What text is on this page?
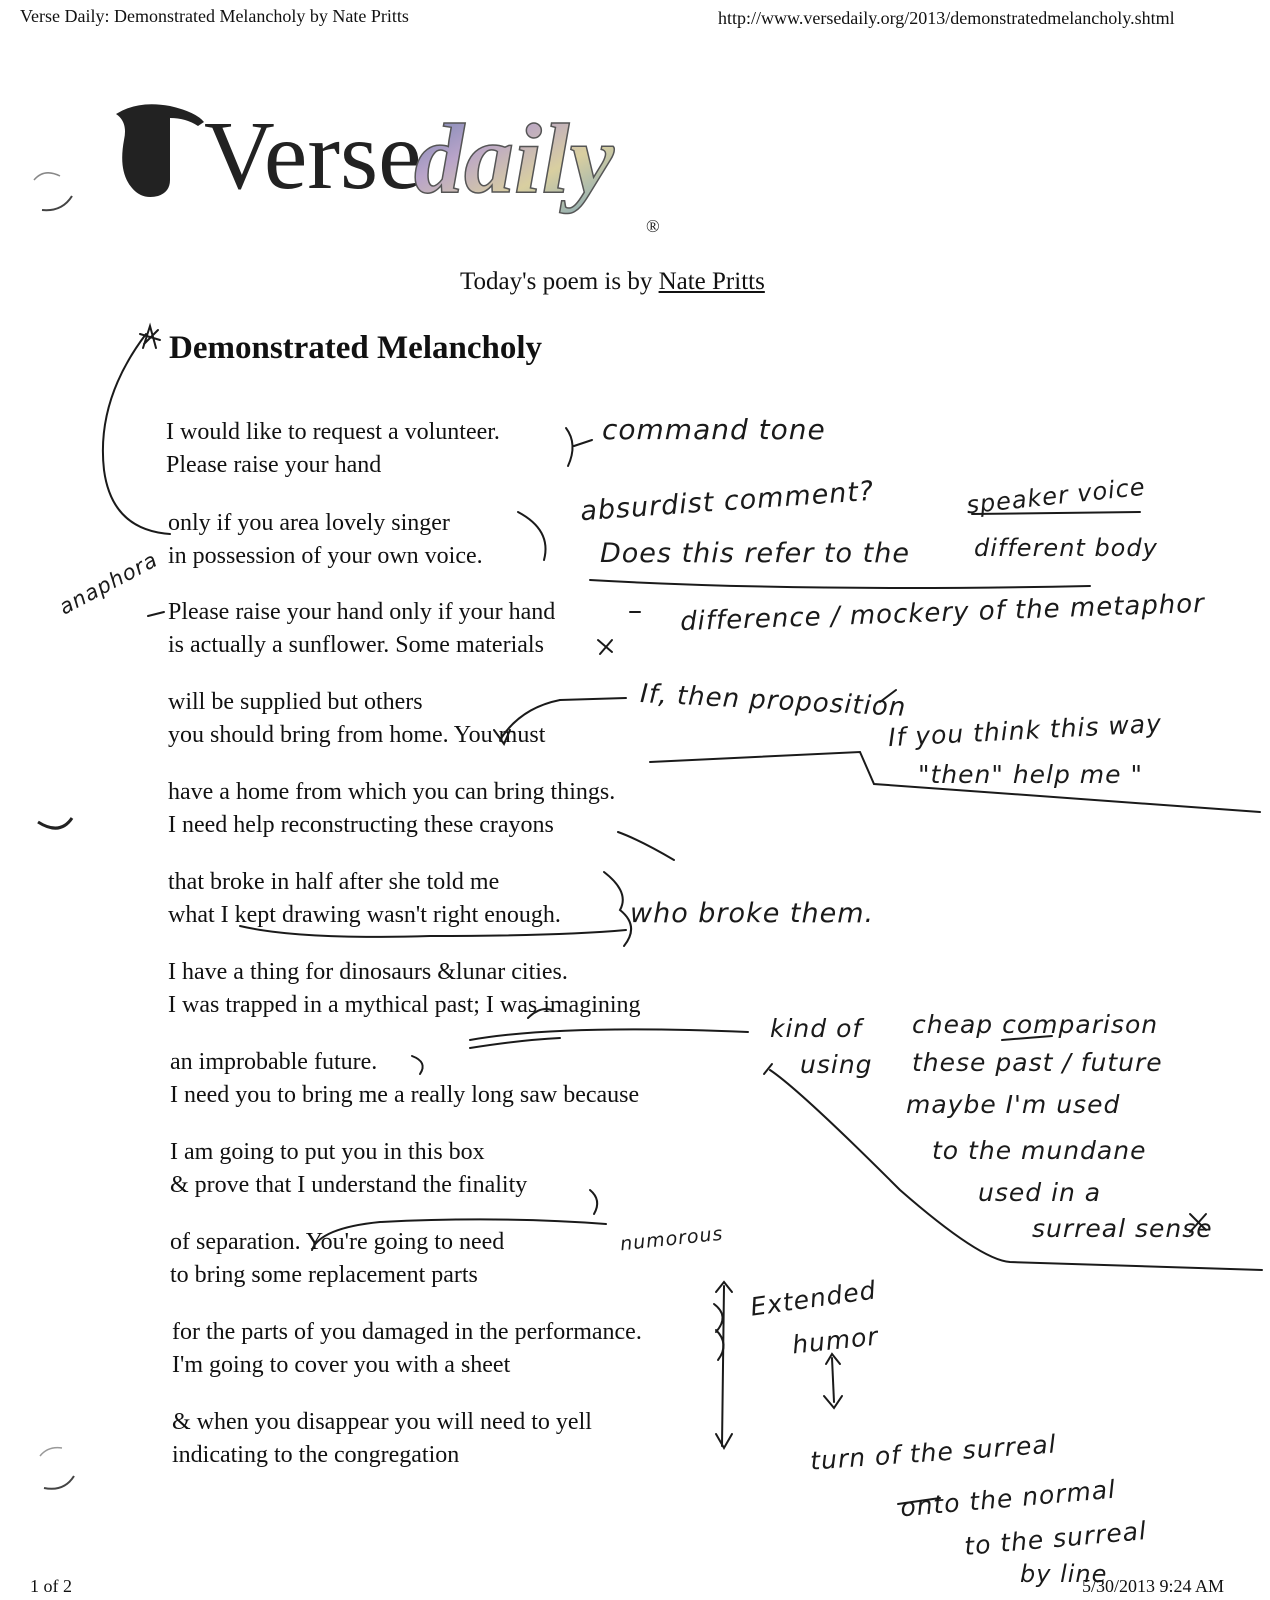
Verse Daily: Demonstrated Melancholy by Nate Pritts	http://www.versedaily.org/2013/demonstratedmelancholy.shtml
Verse
daily
®
Today's poem is by Nate Pritts
Demonstrated Melancholy
I would like to request a volunteer.
Please raise your hand
only if you area lovely singer
in possession of your own voice.
Please raise your hand only if your hand
is actually a sunflower. Some materials
will be supplied but others
you should bring from home. You must
have a home from which you can bring things.
I need help reconstructing these crayons
that broke in half after she told me
what I kept drawing wasn't right enough.
I have a thing for dinosaurs &lunar cities.
I was trapped in a mythical past; I was imagining
an improbable future.
I need you to bring me a really long saw because
I am going to put you in this box
& prove that I understand the finality
of separation. You're going to need
to bring some replacement parts
for the parts of you damaged in the performance.
I'm going to cover you with a sheet
& when you disappear you will need to yell
indicating to the congregation
command tone
absurdist comment?
Does this refer to the
speaker voice
different body
anaphora	difference / mockery of the metaphor
If, then proposition
If you think this way
"then" help me "
who broke them.
kind of cheap comparison
using these past / future
maybe I'm used
to the mundane
used in a
surreal sense
numorous
Extended
humor
turn of the surreal
onto the normal
to the surreal
by line
1 of 2	5/30/2013 9:24 AM
